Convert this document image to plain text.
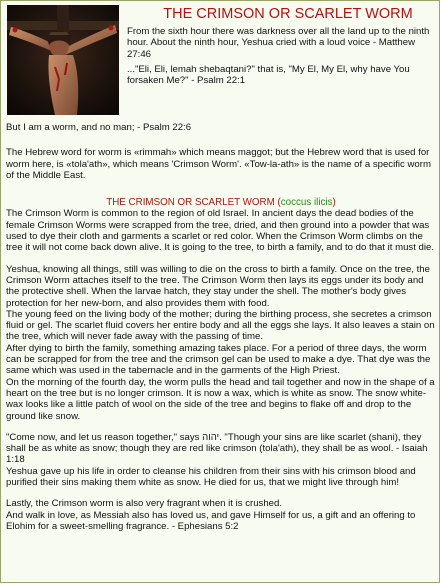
THE CRIMSON OR SCARLET WORM

From the sixth hour there was darkness over all the land up to the ninth hour. About the ninth hour, Yeshua cried with a loud voice - Matthew 27:46

..."Eli, Eli, lemah shebaqtani?" that is, "My El, My El, why have You forsaken Me?" - Psalm 22:1

But I am a worm, and no man; - Psalm 22:6

The Hebrew word for worm is «rimmah» which means maggot; but the Hebrew word that is used for worm here, is «tola'ath», which means 'Crimson Worm'. «Tow-la-ath» is the name of a specific worm of the Middle East.

THE CRIMSON OR SCARLET WORM (coccus ilicis)

The Crimson Worm is common to the region of old Israel. In ancient days the dead bodies of the female Crimson Worms were scrapped from the tree, dried, and then ground into a powder that was used to dye their cloth and garments a scarlet or red color. When the Crimson Worm climbs on the tree it will not come back down alive. It is going to the tree, to birth a family, and to do that it must die.

Yeshua, knowing all things, still was willing to die on the cross to birth a family. Once on the tree, the Crimson Worm attaches itself to the tree. The Crimson Worm then lays its eggs under its body and the protective shell. When the larvae hatch, they stay under the shell. The mother's body gives protection for her new-born, and also provides them with food.

The young feed on the living body of the mother; during the birthing process, she secretes a crimson fluid or gel. The scarlet fluid covers her entire body and all the eggs she lays. It also leaves a stain on the tree, which will never fade away with the passing of time.

After dying to birth the family, something amazing takes place. For a period of three days, the worm can be scrapped for from the tree and the crimson gel can be used to make a dye. That dye was the same which was used in the tabernacle and in the garments of the High Priest.

On the morning of the fourth day, the worm pulls the head and tail together and now in the shape of a heart on the tree but is no longer crimson. It is now a wax, which is white as snow. The snow white-wax looks like a little patch of wool on the side of the tree and begins to flake off and drop to the ground like snow.

"Come now, and let us reason together," says יהוה. "Though your sins are like scarlet (shani), they shall be as white as snow; though they are red like crimson (tola'ath), they shall be as wool. - Isaiah 1:18

Yeshua gave up his life in order to cleanse his children from their sins with his crimson blood and purified their sins making them white as snow. He died for us, that we might live through him!

Lastly, the Crimson worm is also very fragrant when it is crushed.

And walk in love, as Messiah also has loved us, and gave Himself for us, a gift and an offering to Elohim for a sweet-smelling fragrance. - Ephesians 5:2
